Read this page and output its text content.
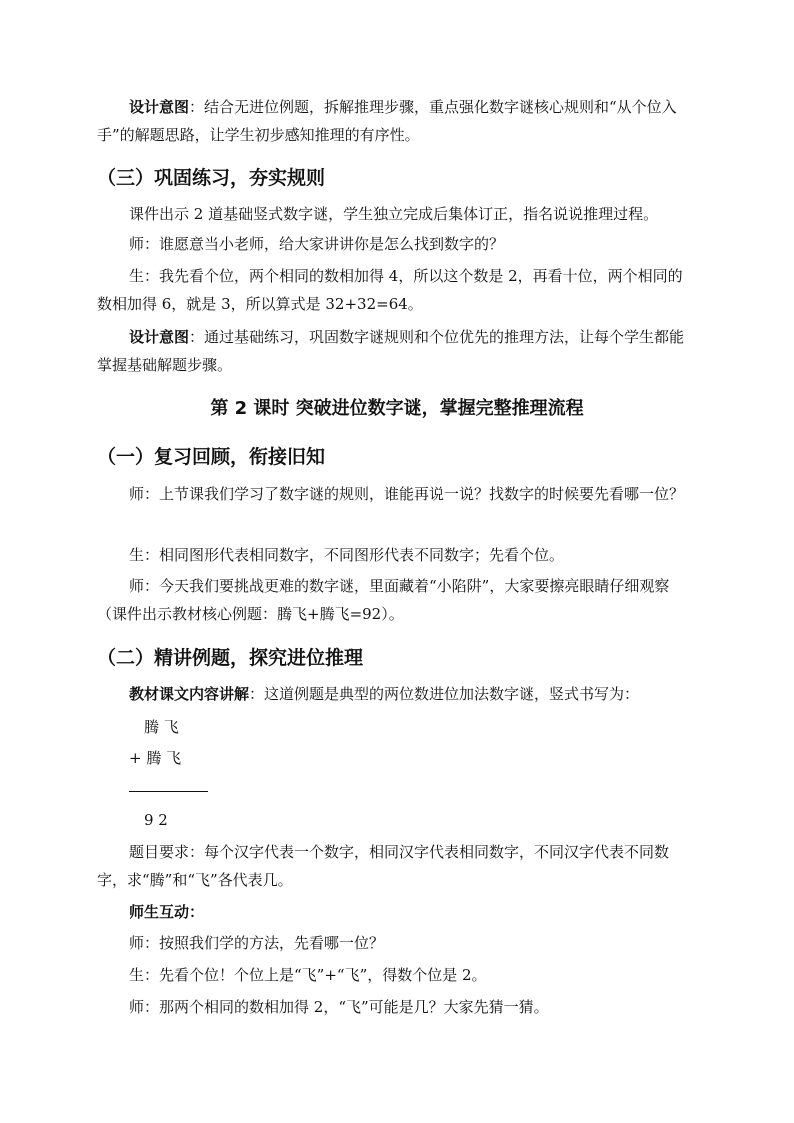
设计意图：结合无进位例题，拆解推理步骤，重点强化数字谜核心规则和“从个位入手”的解题思路，让学生初步感知推理的有序性。

（三）巩固练习，夯实规则

课件出示 2 道基础竖式数字谜，学生独立完成后集体订正，指名说说推理过程。

师：谁愿意当小老师，给大家讲讲你是怎么找到数字的？

生：我先看个位，两个相同的数相加得 4，所以这个数是 2，再看十位，两个相同的数相加得 6，就是 3，所以算式是 32+32=64。

设计意图：通过基础练习，巩固数字谜规则和个位优先的推理方法，让每个学生都能掌握基础解题步骤。

第 2 课时 突破进位数字谜，掌握完整推理流程

（一）复习回顾，衔接旧知

师：上节课我们学习了数字谜的规则，谁能再说一说？找数字的时候要先看哪一位？

生：相同图形代表相同数字，不同图形代表不同数字；先看个位。

师：今天我们要挑战更难的数字谜，里面藏着“小陷阱”，大家要擦亮眼睛仔细观察（课件出示教材核心例题：腾飞+腾飞=92）。

（二）精讲例题，探究进位推理

教材课文内容讲解：这道例题是典型的两位数进位加法数字谜，竖式书写为：

腾 飞

+ 腾 飞

9 2

题目要求：每个汉字代表一个数字，相同汉字代表相同数字，不同汉字代表不同数字，求“腾”和“飞”各代表几。

师生互动：

师：按照我们学的方法，先看哪一位？

生：先看个位！个位上是“飞”+“飞”，得数个位是 2。

师：那两个相同的数相加得 2，“飞”可能是几？大家先猜一猜。
